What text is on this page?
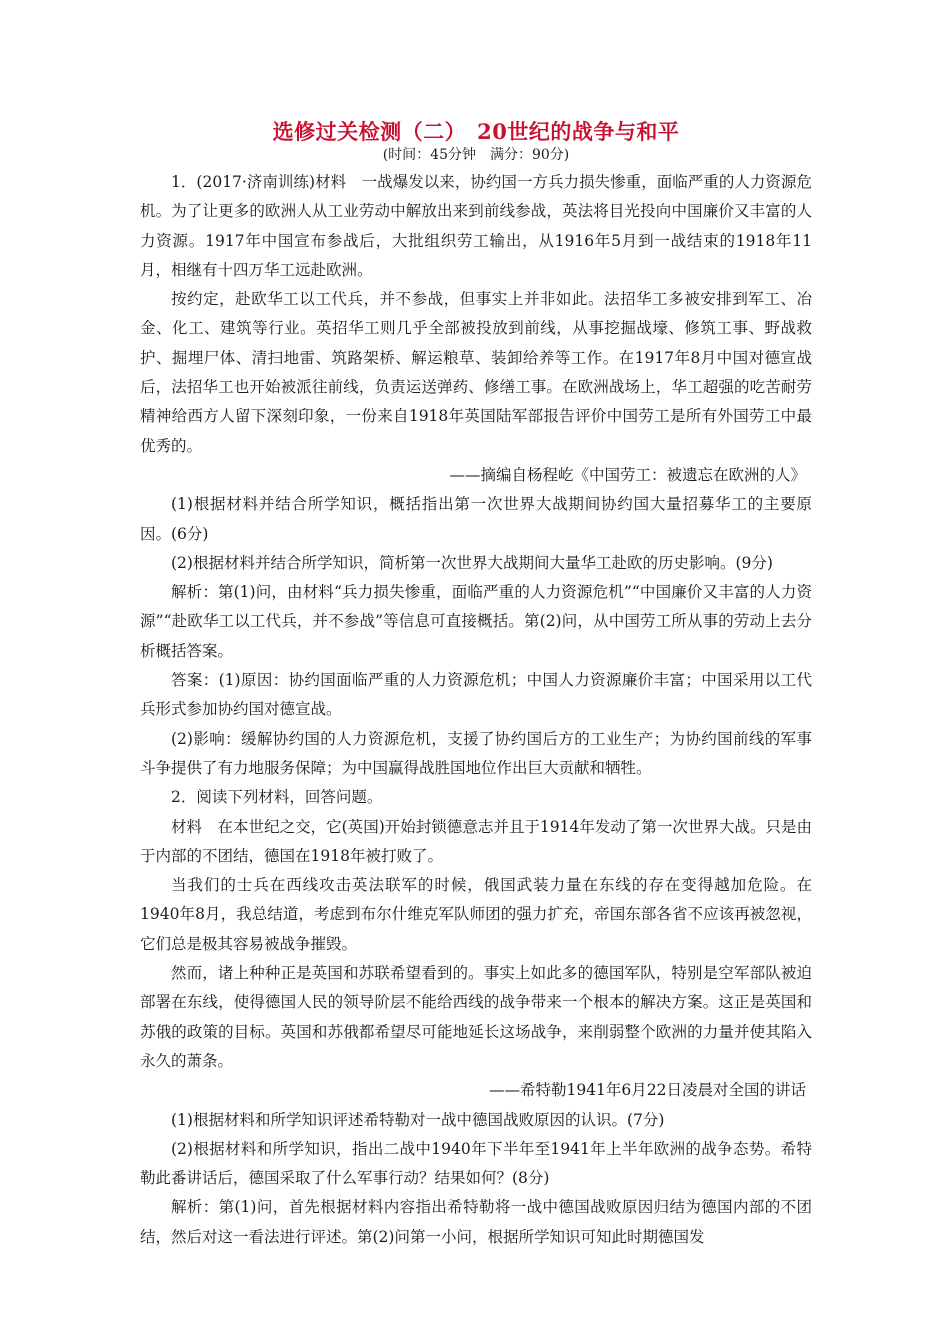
选修过关检测（二）　20世纪的战争与和平
(时间：45分钟　满分：90分)

1．(2017·济南训练)材料　一战爆发以来，协约国一方兵力损失惨重，面临严重的人力资源危机。为了让更多的欧洲人从工业劳动中解放出来到前线参战，英法将目光投向中国廉价又丰富的人力资源。1917年中国宣布参战后，大批组织劳工输出，从1916年5月到一战结束的1918年11月，相继有十四万华工远赴欧洲。

按约定，赴欧华工以工代兵，并不参战，但事实上并非如此。法招华工多被安排到军工、冶金、化工、建筑等行业。英招华工则几乎全部被投放到前线，从事挖掘战壕、修筑工事、野战救护、掘埋尸体、清扫地雷、筑路架桥、解运粮草、装卸给养等工作。在1917年8月中国对德宣战后，法招华工也开始被派往前线，负责运送弹药、修缮工事。在欧洲战场上，华工超强的吃苦耐劳精神给西方人留下深刻印象，一份来自1918年英国陆军部报告评价中国劳工是所有外国劳工中最优秀的。

——摘编自杨程屹《中国劳工：被遗忘在欧洲的人》

(1)根据材料并结合所学知识，概括指出第一次世界大战期间协约国大量招募华工的主要原因。(6分)

(2)根据材料并结合所学知识，简析第一次世界大战期间大量华工赴欧的历史影响。(9分)

解析：第(1)问，由材料“兵力损失惨重，面临严重的人力资源危机”“中国廉价又丰富的人力资源”“赴欧华工以工代兵，并不参战”等信息可直接概括。第(2)问，从中国劳工所从事的劳动上去分析概括答案。

答案：(1)原因：协约国面临严重的人力资源危机；中国人力资源廉价丰富；中国采用以工代兵形式参加协约国对德宣战。

(2)影响：缓解协约国的人力资源危机，支援了协约国后方的工业生产；为协约国前线的军事斗争提供了有力地服务保障；为中国赢得战胜国地位作出巨大贡献和牺牲。

2．阅读下列材料，回答问题。

材料　在本世纪之交，它(英国)开始封锁德意志并且于1914年发动了第一次世界大战。只是由于内部的不团结，德国在1918年被打败了。

当我们的士兵在西线攻击英法联军的时候，俄国武装力量在东线的存在变得越加危险。在1940年8月，我总结道，考虑到布尔什维克军队师团的强力扩充，帝国东部各省不应该再被忽视，它们总是极其容易被战争摧毁。

然而，诸上种种正是英国和苏联希望看到的。事实上如此多的德国军队，特别是空军部队被迫部署在东线，使得德国人民的领导阶层不能给西线的战争带来一个根本的解决方案。这正是英国和苏俄的政策的目标。英国和苏俄都希望尽可能地延长这场战争，来削弱整个欧洲的力量并使其陷入永久的萧条。

——希特勒1941年6月22日凌晨对全国的讲话

(1)根据材料和所学知识评述希特勒对一战中德国战败原因的认识。(7分)

(2)根据材料和所学知识，指出二战中1940年下半年至1941年上半年欧洲的战争态势。希特勒此番讲话后，德国采取了什么军事行动？结果如何？(8分)

解析：第(1)问，首先根据材料内容指出希特勒将一战中德国战败原因归结为德国内部的不团结，然后对这一看法进行评述。第(2)问第一小问，根据所学知识可知此时期德国发
